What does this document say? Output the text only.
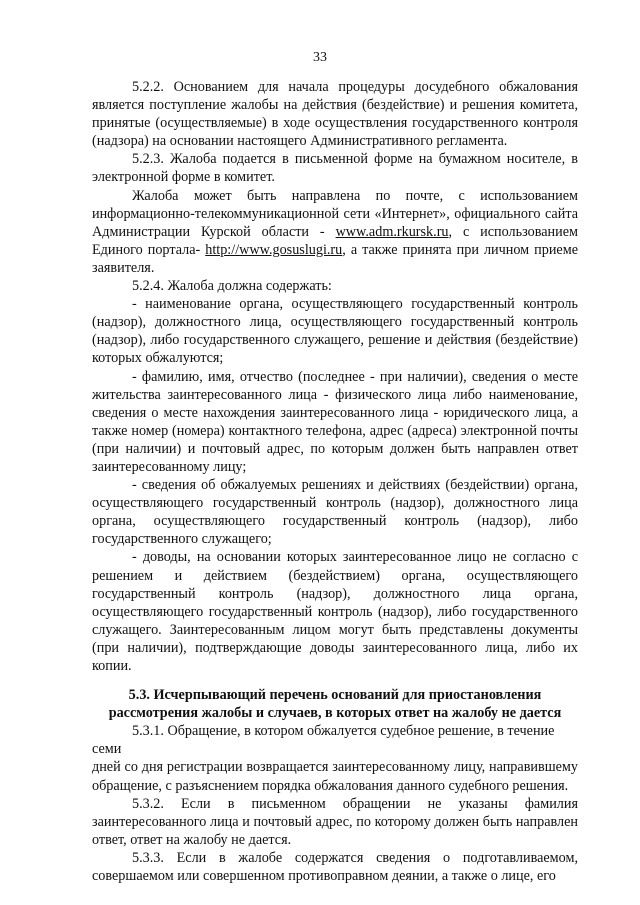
33

5.2.2. Основанием для начала процедуры досудебного обжалования является поступление жалобы на действия (бездействие) и решения комитета, принятые (осуществляемые) в ходе осуществления государственного контроля (надзора) на основании настоящего Административного регламента.

5.2.3. Жалоба подается в письменной форме на бумажном носителе, в электронной форме в комитет.

Жалоба может быть направлена по почте, с использованием информационно-телекоммуникационной сети «Интернет», официального сайта Администрации Курской области - www.adm.rkursk.ru, с использованием Единого портала- http://www.gosuslugi.ru, а также принята при личном приеме заявителя.

5.2.4. Жалоба должна содержать:

- наименование органа, осуществляющего государственный контроль (надзор), должностного лица, осуществляющего государственный контроль (надзор), либо государственного служащего, решение и действия (бездействие) которых обжалуются;

- фамилию, имя, отчество (последнее - при наличии), сведения о месте жительства заинтересованного лица - физического лица либо наименование, сведения о месте нахождения заинтересованного лица - юридического лица, а также номер (номера) контактного телефона, адрес (адреса) электронной почты (при наличии) и почтовый адрес, по которым должен быть направлен ответ заинтересованному лицу;

- сведения об обжалуемых решениях и действиях (бездействии) органа, осуществляющего государственный контроль (надзор), должностного лица органа, осуществляющего государственный контроль (надзор), либо государственного служащего;

- доводы, на основании которых заинтересованное лицо не согласно с решением и действием (бездействием) органа, осуществляющего государственный контроль (надзор), должностного лица органа, осуществляющего государственный контроль (надзор), либо государственного служащего. Заинтересованным лицом могут быть представлены документы (при наличии), подтверждающие доводы заинтересованного лица, либо их копии.

5.3. Исчерпывающий перечень оснований для приостановления рассмотрения жалобы и случаев, в которых ответ на жалобу не дается

5.3.1. Обращение, в котором обжалуется судебное решение, в течение семи

дней со дня регистрации возвращается заинтересованному лицу, направившему обращение, с разъяснением порядка обжалования данного судебного решения.

5.3.2. Если в письменном обращении не указаны фамилия заинтересованного лица и почтовый адрес, по которому должен быть направлен ответ, ответ на жалобу не дается.

5.3.3. Если в жалобе содержатся сведения о подготавливаемом, совершаемом или совершенном противоправном деянии, а также о лице, его
